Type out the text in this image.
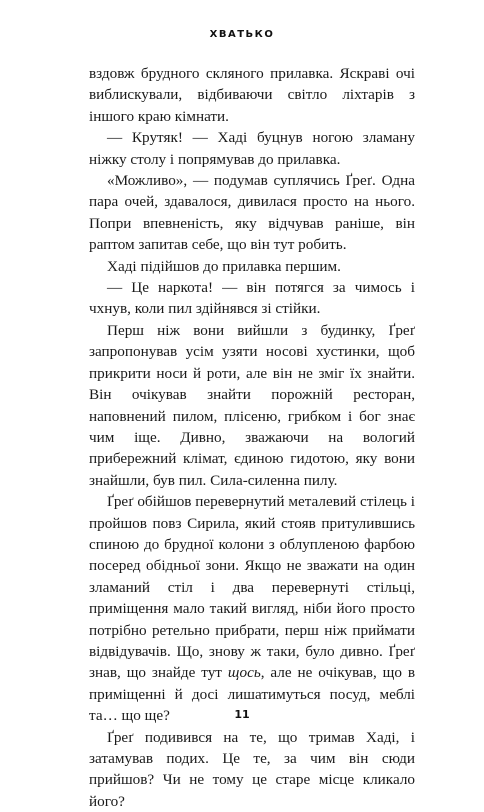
ХВАТЬКО

вздовж брудного скляного прилавка. Яскраві очі виблискували, відбиваючи світло ліхтарів з іншого краю кімнати.

— Крутяк! — Хаді буцнув ногою зламану ніжку столу і попрямував до прилавка.

«Можливо», — подумав суплячись Ґреґ. Одна пара очей, здавалося, дивилася просто на нього. Попри впевненість, яку відчував раніше, він раптом запитав себе, що він тут робить.

Хаді підійшов до прилавка першим.

— Це наркота! — він потягся за чимось і чхнув, коли пил здійнявся зі стійки.

Перш ніж вони вийшли з будинку, Ґреґ запропонував усім узяти носові хустинки, щоб прикрити носи й роти, але він не зміг їх знайти. Він очікував знайти порожній ресторан, наповнений пилом, плісеню, грибком і бог знає чим іще. Дивно, зважаючи на вологий прибережний клімат, єдиною гидотою, яку вони знайшли, був пил. Сила-силенна пилу.

Ґреґ обійшов перевернутий металевий стілець і пройшов повз Сирила, який стояв притулившись спиною до брудної колони з облупленою фарбою посеред обідньої зони. Якщо не зважати на один зламаний стіл і два перевернуті стільці, приміщення мало такий вигляд, ніби його просто потрібно ретельно прибрати, перш ніж приймати відвідувачів. Що, знову ж таки, було дивно. Ґреґ знав, що знайде тут щось, але не очікував, що в приміщенні й досі лишатимуться посуд, меблі та… що ще?

Ґреґ подивився на те, що тримав Хаді, і затамував подих. Це те, за чим він сюди прийшов? Чи не тому це старе місце кликало його?

11
